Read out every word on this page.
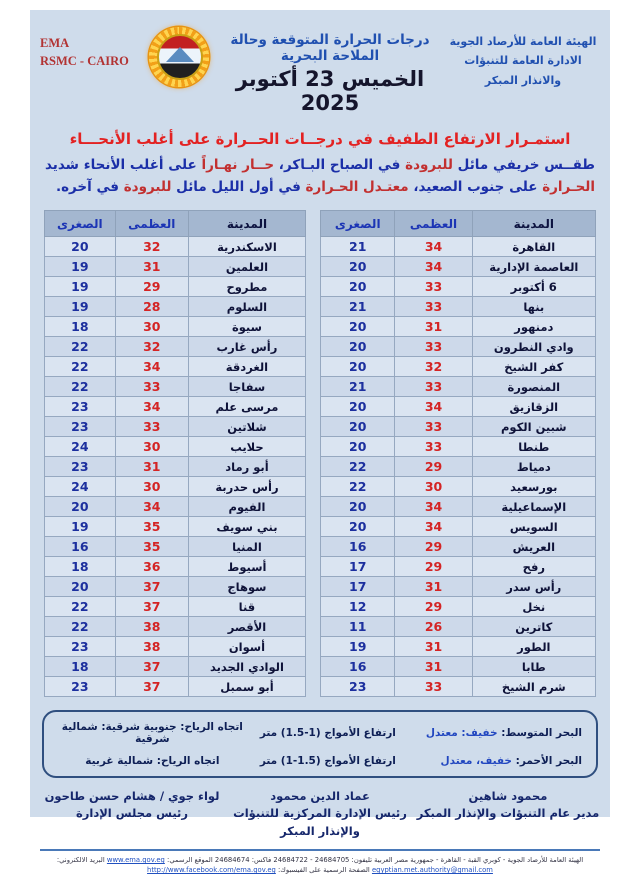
EMA
RSMC - CAIRO
درجات الحرارة المتوقعة وحالة الملاحة البحرية
الخميس 23 أكتوبر 2025
الهيئة العامة للأرصاد الجوية
الادارة العامة للتنبؤات والانذار المبكر
استمـرار الارتفاع الطفيف في درجــات الحــرارة على أغلب الأنحـــاء

طقــس خريفي مائل للبرودة في الصباح البـاكر، حــار نهـاراً على أغلب الأنحاء شديد الحـرارة على جنوب الصعيد، معتـدل الحـرارة في أول الليل مائل للبرودة في آخره.

المدينة	العظمى	الصغرى
القاهرة	34	21
العاصمة الإدارية	34	20
6 أكتوبر	33	20
بنها	33	21
دمنهور	31	20
وادي النطرون	33	20
كفر الشيخ	32	20
المنصورة	33	21
الزقازيق	34	20
شبين الكوم	33	20
طنطا	33	20
دمياط	29	22
بورسعيد	30	22
الإسماعيلية	34	20
السويس	34	20
العريش	29	16
رفح	29	17
رأس سدر	31	17
نخل	29	12
كاترين	26	11
الطور	31	19
طابا	31	16
شرم الشيخ	33	23
المدينة	العظمى	الصغرى
الاسكندرية	32	20
العلمين	31	19
مطروح	29	19
السلوم	28	19
سيوة	30	18
رأس غارب	32	22
الغردقة	34	22
سفاجا	33	22
مرسى علم	34	23
شلاتين	33	23
حلايب	30	24
أبو رماد	31	23
رأس حدربة	30	24
الفيوم	34	20
بني سويف	35	19
المنيا	35	16
أسيوط	36	18
سوهاج	37	20
قنا	37	22
الأقصر	38	22
أسوان	38	23
الوادي الجديد	37	18
أبو سمبل	37	23
البحر المتوسط: خفيف: معتدل
ارتفاع الأمواج (1.5-1) متر
اتجاه الرياح: جنوبية شرقية: شمالية شرقية
البحر الأحمر: خفيف، معتدل
ارتفاع الأمواج (1-1.5) متر
اتجاه الرياح: شمالية غربية
محمود شاهين
مدير عام التنبؤات والإنذار المبكر
عماد الدين محمود
رئيس الإدارة المركزية للتنبؤات والإنذار المبكر
لواء جوي / هشام حسن طاحون
رئيس مجلس الإدارة
الهيئة العامة للأرصاد الجوية - كوبري القبة - القاهرة - جمهورية مصر العربية تليفون: 24684705 - 24684722 فاكس: 24684674 الموقع الرسمي: www.ema.gov.eg البريد الالكتروني: egyptian.met.authority@gmail.com الصفحة الرسمية على الفيسبوك: http://www.facebook.com/ema.gov.eg
